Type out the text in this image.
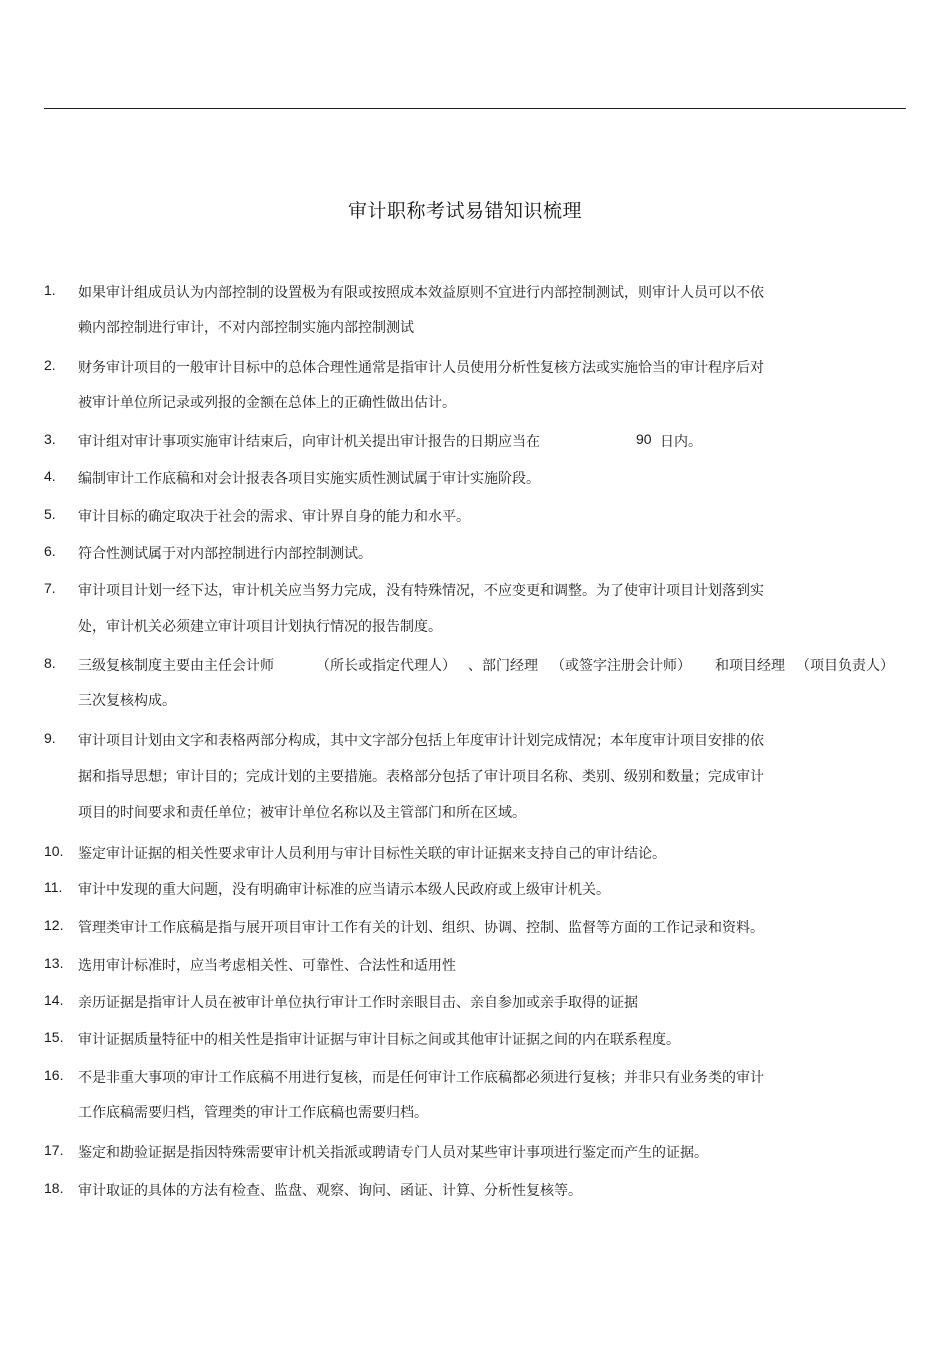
审计职称考试易错知识梳理
1.	如果审计组成员认为内部控制的设置极为有限或按照成本效益原则不宜进行内部控制测试，则审计人员可以不依
赖内部控制进行审计，不对内部控制实施内部控制测试
2.	财务审计项目的一般审计目标中的总体合理性通常是指审计人员使用分析性复核方法或实施恰当的审计程序后对
被审计单位所记录或列报的金额在总体上的正确性做出估计。
3.	审计组对审计事项实施审计结束后，向审计机关提出审计报告的日期应当在	90 日内。
4.	编制审计工作底稿和对会计报表各项目实施实质性测试属于审计实施阶段。
5.	审计目标的确定取决于社会的需求、审计界自身的能力和水平。
6.	符合性测试属于对内部控制进行内部控制测试。
7.	审计项目计划一经下达，审计机关应当努力完成，没有特殊情况，不应变更和调整。为了使审计项目计划落到实
处，审计机关必须建立审计项目计划执行情况的报告制度。
8.	三级复核制度主要由主任会计师	（所长或指定代理人） 、部门经理 （或签字注册会计师） 和项目经理 （项目负责人）
三次复核构成。
9.	审计项目计划由文字和表格两部分构成，其中文字部分包括上年度审计计划完成情况；本年度审计项目安排的依
据和指导思想；审计目的；完成计划的主要措施。表格部分包括了审计项目名称、类别、级别和数量；完成审计
项目的时间要求和责任单位；被审计单位名称以及主管部门和所在区域。
10.	鉴定审计证据的相关性要求审计人员利用与审计目标性关联的审计证据来支持自己的审计结论。
11.	审计中发现的重大问题，没有明确审计标准的应当请示本级人民政府或上级审计机关。
12.	管理类审计工作底稿是指与展开项目审计工作有关的计划、组织、协调、控制、监督等方面的工作记录和资料。
13.	选用审计标准时，应当考虑相关性、可靠性、合法性和适用性
14.	亲历证据是指审计人员在被审计单位执行审计工作时亲眼目击、亲自参加或亲手取得的证据
15.	审计证据质量特征中的相关性是指审计证据与审计目标之间或其他审计证据之间的内在联系程度。
16.	不是非重大事项的审计工作底稿不用进行复核，而是任何审计工作底稿都必须进行复核；并非只有业务类的审计
工作底稿需要归档，管理类的审计工作底稿也需要归档。
17.	鉴定和勘验证据是指因特殊需要审计机关指派或聘请专门人员对某些审计事项进行鉴定而产生的证据。
18.	审计取证的具体的方法有检查、监盘、观察、询问、函证、计算、分析性复核等。
